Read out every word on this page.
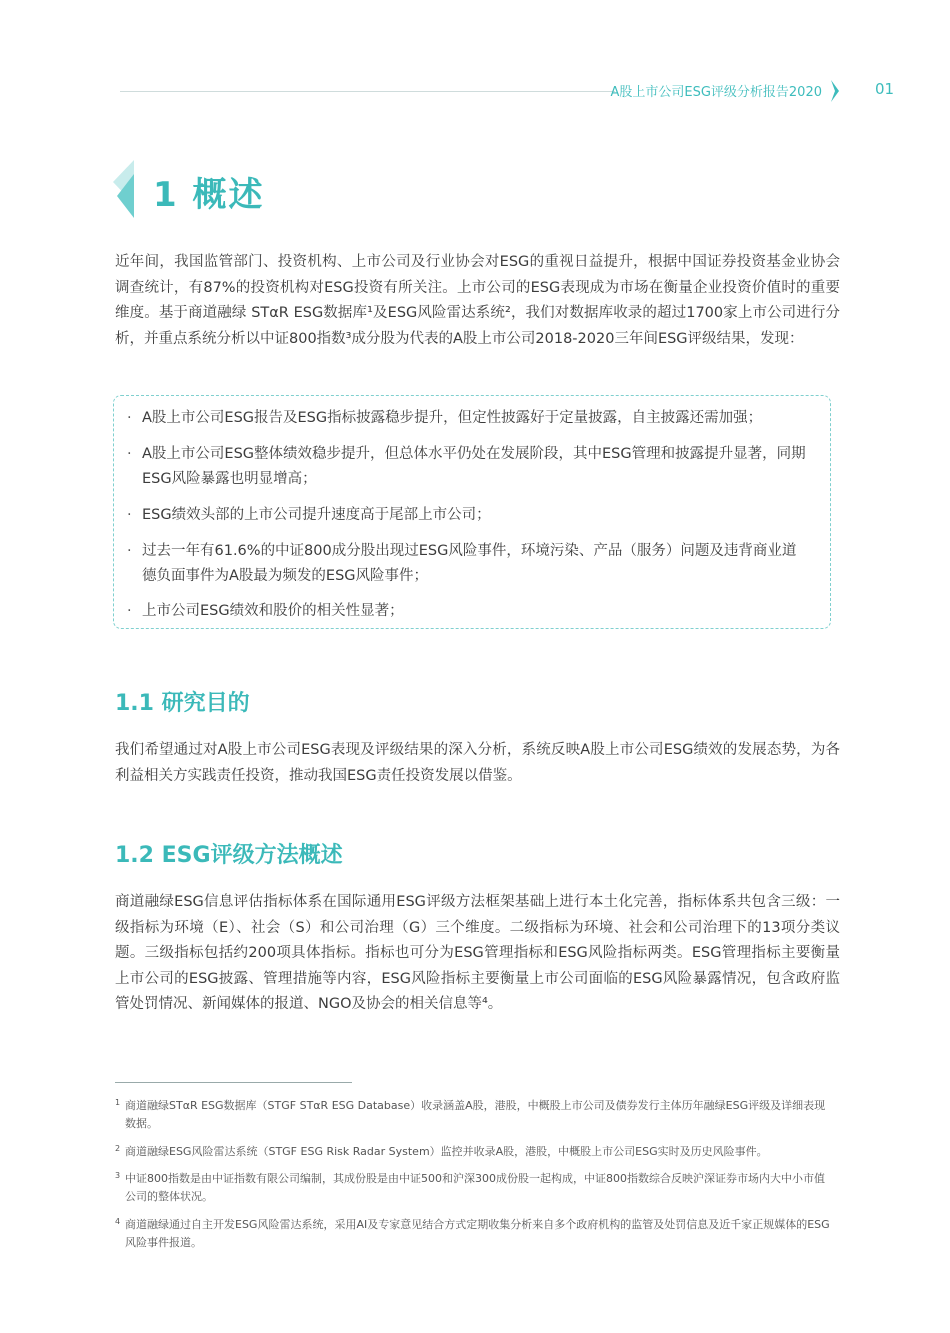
A股上市公司ESG评级分析报告2020	01
1 概述
近年间，我国监管部门、投资机构、上市公司及行业协会对ESG的重视日益提升，根据中国证券投资基金业协会调查统计，有87%的投资机构对ESG投资有所关注。上市公司的ESG表现成为市场在衡量企业投资价值时的重要维度。基于商道融绿 STαR ESG数据库¹及ESG风险雷达系统²，我们对数据库收录的超过1700家上市公司进行分析，并重点系统分析以中证800指数³成分股为代表的A股上市公司2018-2020三年间ESG评级结果，发现：
· A股上市公司ESG报告及ESG指标披露稳步提升，但定性披露好于定量披露，自主披露还需加强；
· A股上市公司ESG整体绩效稳步提升，但总体水平仍处在发展阶段，其中ESG管理和披露提升显著，同期ESG风险暴露也明显增高；
· ESG绩效头部的上市公司提升速度高于尾部上市公司；
· 过去一年有61.6%的中证800成分股出现过ESG风险事件，环境污染、产品（服务）问题及违背商业道德负面事件为A股最为频发的ESG风险事件；
· 上市公司ESG绩效和股价的相关性显著；
1.1 研究目的
我们希望通过对A股上市公司ESG表现及评级结果的深入分析，系统反映A股上市公司ESG绩效的发展态势，为各利益相关方实践责任投资，推动我国ESG责任投资发展以借鉴。
1.2 ESG评级方法概述
商道融绿ESG信息评估指标体系在国际通用ESG评级方法框架基础上进行本土化完善，指标体系共包含三级：一级指标为环境（E）、社会（S）和公司治理（G）三个维度。二级指标为环境、社会和公司治理下的13项分类议题。三级指标包括约200项具体指标。指标也可分为ESG管理指标和ESG风险指标两类。ESG管理指标主要衡量上市公司的ESG披露、管理措施等内容，ESG风险指标主要衡量上市公司面临的ESG风险暴露情况，包含政府监管处罚情况、新闻媒体的报道、NGO及协会的相关信息等⁴。
1 商道融绿STαR ESG数据库（STGF STαR ESG Database）收录涵盖A股，港股，中概股上市公司及债券发行主体历年融绿ESG评级及详细表现数据。
2 商道融绿ESG风险雷达系统（STGF ESG Risk Radar System）监控并收录A股，港股，中概股上市公司ESG实时及历史风险事件。
3 中证800指数是由中证指数有限公司编制，其成份股是由中证500和沪深300成份股一起构成，中证800指数综合反映沪深证券市场内大中小市值公司的整体状况。
4 商道融绿通过自主开发ESG风险雷达系统，采用AI及专家意见结合方式定期收集分析来自多个政府机构的监管及处罚信息及近千家正规媒体的ESG风险事件报道。
